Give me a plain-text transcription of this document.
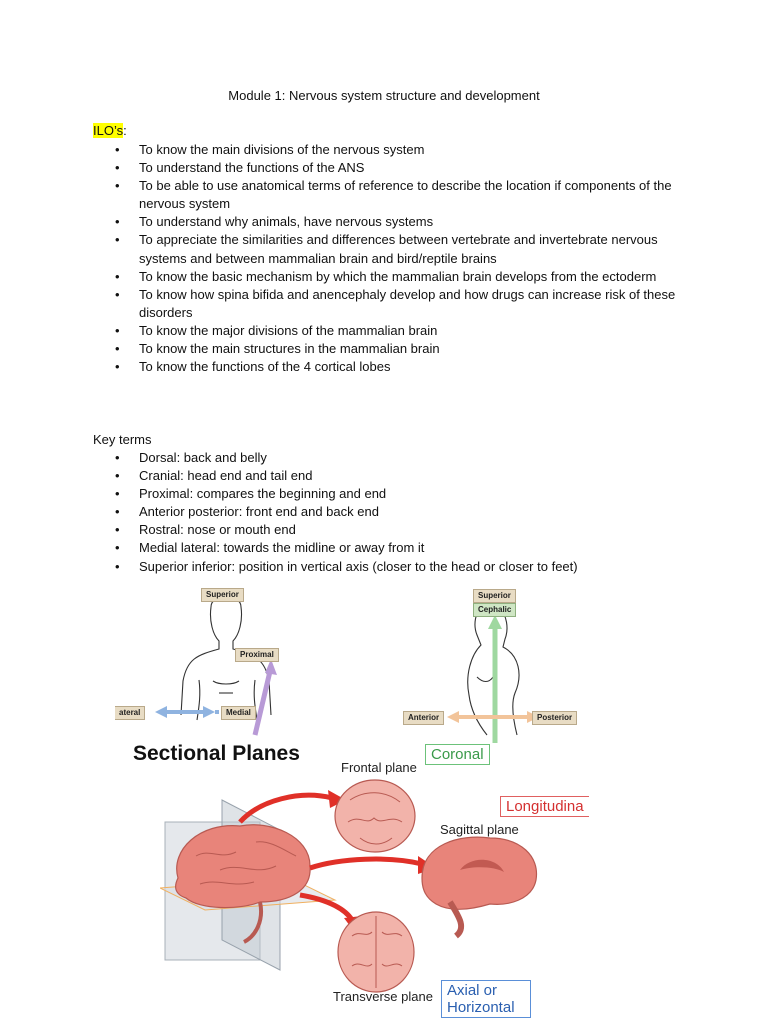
Module 1: Nervous system structure and development
ILO’s:
• To know the main divisions of the nervous system
• To understand the functions of the ANS
• To be able to use anatomical terms of reference to describe the location if components of the nervous system
• To understand why animals, have nervous systems
• To appreciate the similarities and differences between vertebrate and invertebrate nervous systems and between mammalian brain and bird/reptile brains
• To know the basic mechanism by which the mammalian brain develops from the ectoderm
• To know how spina bifida and anencephaly develop and how drugs can increase risk of these disorders
• To know the major divisions of the mammalian brain
• To know the main structures in the mammalian brain
• To know the functions of the 4 cortical lobes
Key terms
• Dorsal: back and belly
• Cranial: head end and tail end
• Proximal: compares the beginning and end
• Anterior posterior: front end and back end
• Rostral: nose or mouth end
• Medial lateral: towards the midline or away from it
• Superior inferior: position in vertical axis (closer to the head or closer to feet)
Superior
Proximal
ateral	Medial
Superior
Cephalic
Anterior	Posterior
Coronal
Sectional Planes
Frontal plane
Sagittal plane
Transverse plane
Longitudina
Axial or Horizontal
